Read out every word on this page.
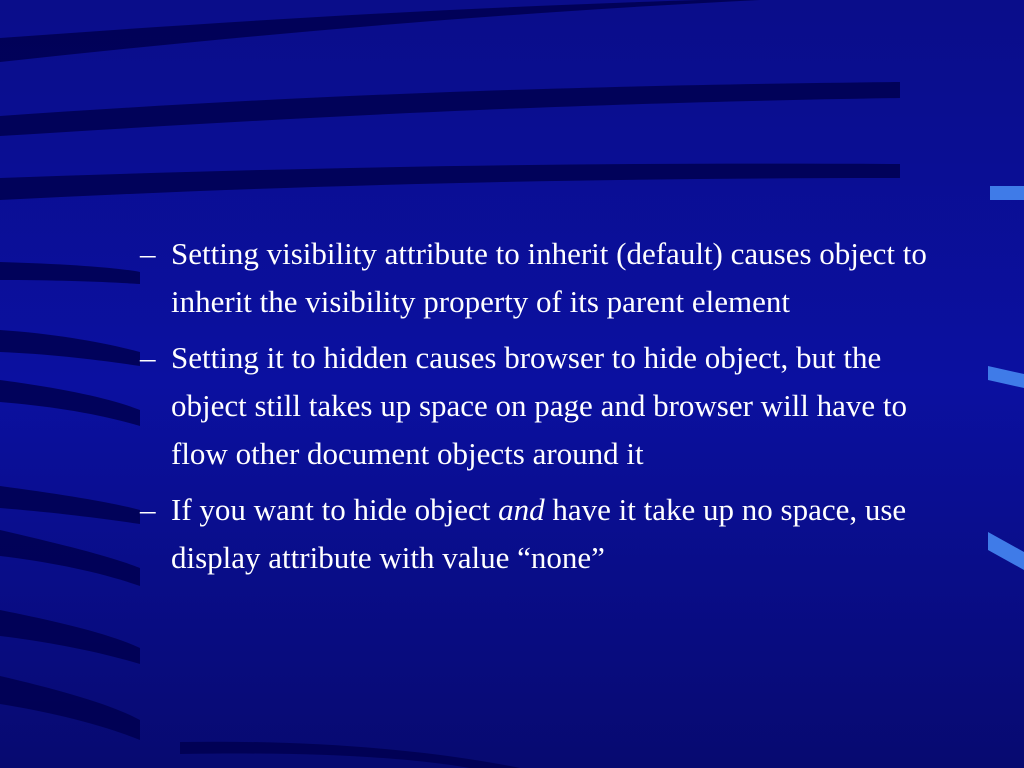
– Setting visibility attribute to inherit (default) causes object to inherit the visibility property of its parent element
– Setting it to hidden causes browser to hide object, but the object still takes up space on page and browser will have to flow other document objects around it
– If you want to hide object and have it take up no space, use display attribute with value “none”
